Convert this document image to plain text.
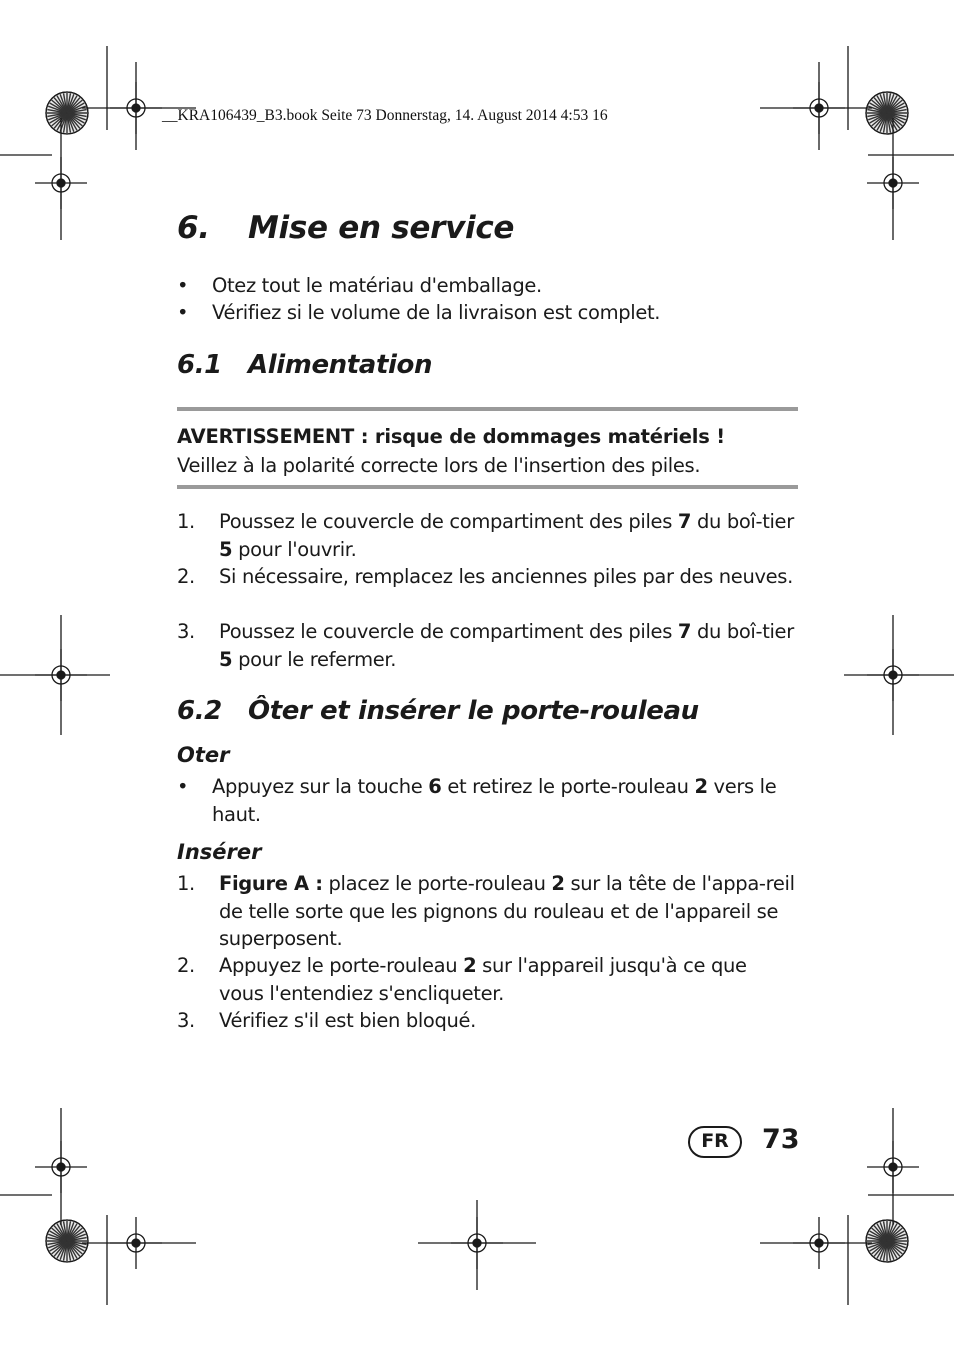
__KRA106439_B3.book Seite 73 Donnerstag, 14. August 2014 4:53 16
6. Mise en service
•	Otez tout le matériau d'emballage.
•	Vérifiez si le volume de la livraison est complet.
6.1 Alimentation
AVERTISSEMENT : risque de dommages matériels !
Veillez à la polarité correcte lors de l'insertion des piles.
1.	Poussez le couvercle de compartiment des piles 7 du boî-tier 5 pour l'ouvrir.
2.	Si nécessaire, remplacez les anciennes piles par des neuves.
3.	Poussez le couvercle de compartiment des piles 7 du boî-tier 5 pour le refermer.
6.2 Ôter et insérer le porte-rouleau
Oter
•	Appuyez sur la touche 6 et retirez le porte-rouleau 2 vers le haut.
Insérer
1.	Figure A : placez le porte-rouleau 2 sur la tête de l'appa-reil de telle sorte que les pignons du rouleau et de l'appareil se superposent.
2.	Appuyez le porte-rouleau 2 sur l'appareil jusqu'à ce que vous l'entendiez s'encliqueter.
3.	Vérifiez s'il est bien bloqué.
FR	73
